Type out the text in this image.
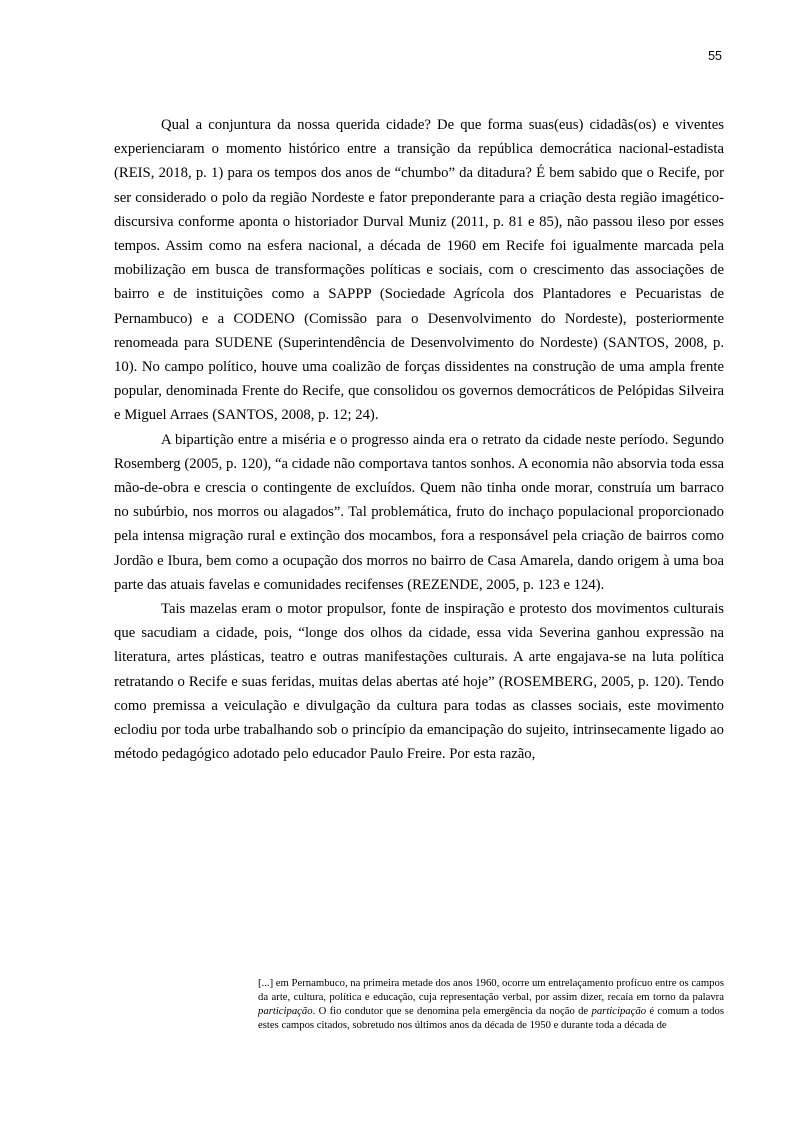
55

Qual a conjuntura da nossa querida cidade? De que forma suas(eus) cidadãs(os) e viventes experienciaram o momento histórico entre a transição da república democrática nacional-estadista (REIS, 2018, p. 1) para os tempos dos anos de “chumbo” da ditadura? É bem sabido que o Recife, por ser considerado o polo da região Nordeste e fator preponderante para a criação desta região imagético-discursiva conforme aponta o historiador Durval Muniz (2011, p. 81 e 85), não passou ileso por esses tempos. Assim como na esfera nacional, a década de 1960 em Recife foi igualmente marcada pela mobilização em busca de transformações políticas e sociais, com o crescimento das associações de bairro e de instituições como a SAPPP (Sociedade Agrícola dos Plantadores e Pecuaristas de Pernambuco) e a CODENO (Comissão para o Desenvolvimento do Nordeste), posteriormente renomeada para SUDENE (Superintendência de Desenvolvimento do Nordeste) (SANTOS, 2008, p. 10). No campo político, houve uma coalizão de forças dissidentes na construção de uma ampla frente popular, denominada Frente do Recife, que consolidou os governos democráticos de Pelópidas Silveira e Miguel Arraes (SANTOS, 2008, p. 12; 24).

A bipartição entre a miséria e o progresso ainda era o retrato da cidade neste período. Segundo Rosemberg (2005, p. 120), “a cidade não comportava tantos sonhos. A economia não absorvia toda essa mão-de-obra e crescia o contingente de excluídos. Quem não tinha onde morar, construía um barraco no subúrbio, nos morros ou alagados”. Tal problemática, fruto do inchaço populacional proporcionado pela intensa migração rural e extinção dos mocambos, fora a responsável pela criação de bairros como Jordão e Ibura, bem como a ocupação dos morros no bairro de Casa Amarela, dando origem à uma boa parte das atuais favelas e comunidades recifenses (REZENDE, 2005, p. 123 e 124).

Tais mazelas eram o motor propulsor, fonte de inspiração e protesto dos movimentos culturais que sacudiam a cidade, pois, “longe dos olhos da cidade, essa vida Severina ganhou expressão na literatura, artes plásticas, teatro e outras manifestações culturais. A arte engajava-se na luta política retratando o Recife e suas feridas, muitas delas abertas até hoje” (ROSEMBERG, 2005, p. 120). Tendo como premissa a veiculação e divulgação da cultura para todas as classes sociais, este movimento eclodiu por toda urbe trabalhando sob o princípio da emancipação do sujeito, intrinsecamente ligado ao método pedagógico adotado pelo educador Paulo Freire. Por esta razão,

[...] em Pernambuco, na primeira metade dos anos 1960, ocorre um entrelaçamento profícuo entre os campos da arte, cultura, política e educação, cuja representação verbal, por assim dizer, recaía em torno da palavra participação. O fio condutor que se denomina pela emergência da noção de participação é comum a todos estes campos citados, sobretudo nos últimos anos da década de 1950 e durante toda a década de
